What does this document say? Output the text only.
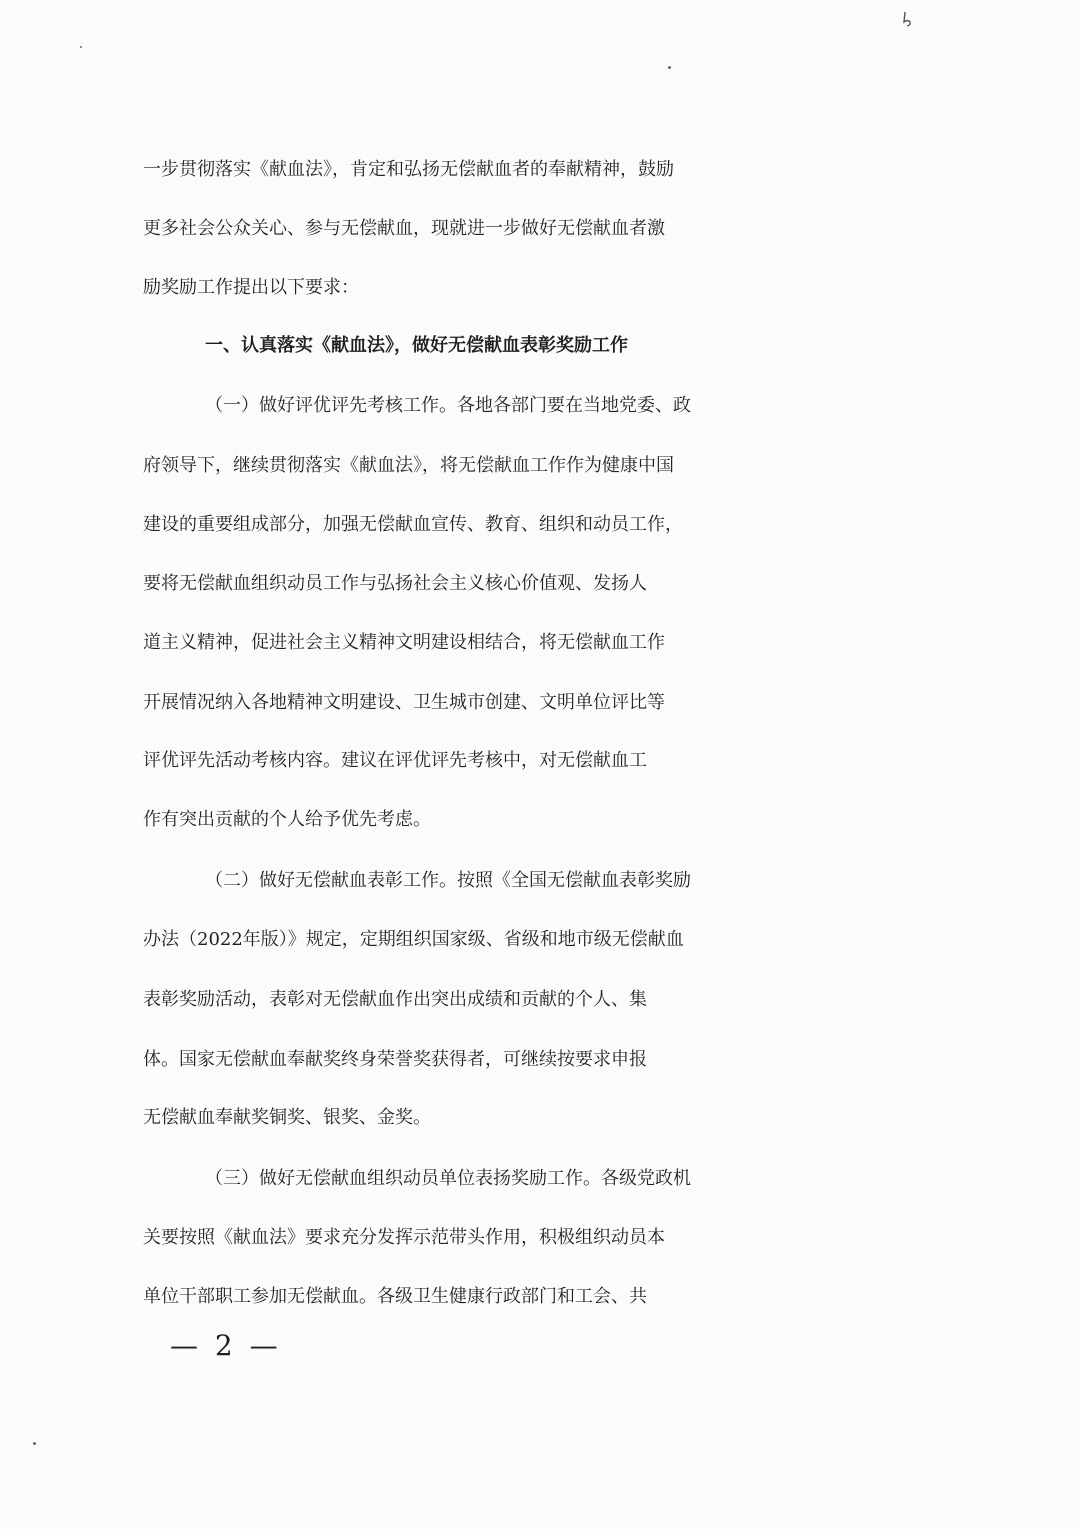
一步贯彻落实《献血法》，肯定和弘扬无偿献血者的奉献精神，鼓励
更多社会公众关心、参与无偿献血，现就进一步做好无偿献血者激
励奖励工作提出以下要求：
一、认真落实《献血法》，做好无偿献血表彰奖励工作
（一）做好评优评先考核工作。各地各部门要在当地党委、政
府领导下，继续贯彻落实《献血法》，将无偿献血工作作为健康中国
建设的重要组成部分，加强无偿献血宣传、教育、组织和动员工作，
要将无偿献血组织动员工作与弘扬社会主义核心价值观、发扬人
道主义精神，促进社会主义精神文明建设相结合，将无偿献血工作
开展情况纳入各地精神文明建设、卫生城市创建、文明单位评比等
评优评先活动考核内容。建议在评优评先考核中，对无偿献血工
作有突出贡献的个人给予优先考虑。
（二）做好无偿献血表彰工作。按照《全国无偿献血表彰奖励
办法（2022年版）》规定，定期组织国家级、省级和地市级无偿献血
表彰奖励活动，表彰对无偿献血作出突出成绩和贡献的个人、集
体。国家无偿献血奉献奖终身荣誉奖获得者，可继续按要求申报
无偿献血奉献奖铜奖、银奖、金奖。
（三）做好无偿献血组织动员单位表扬奖励工作。各级党政机
关要按照《献血法》要求充分发挥示范带头作用，积极组织动员本
单位干部职工参加无偿献血。各级卫生健康行政部门和工会、共
— 2 —
